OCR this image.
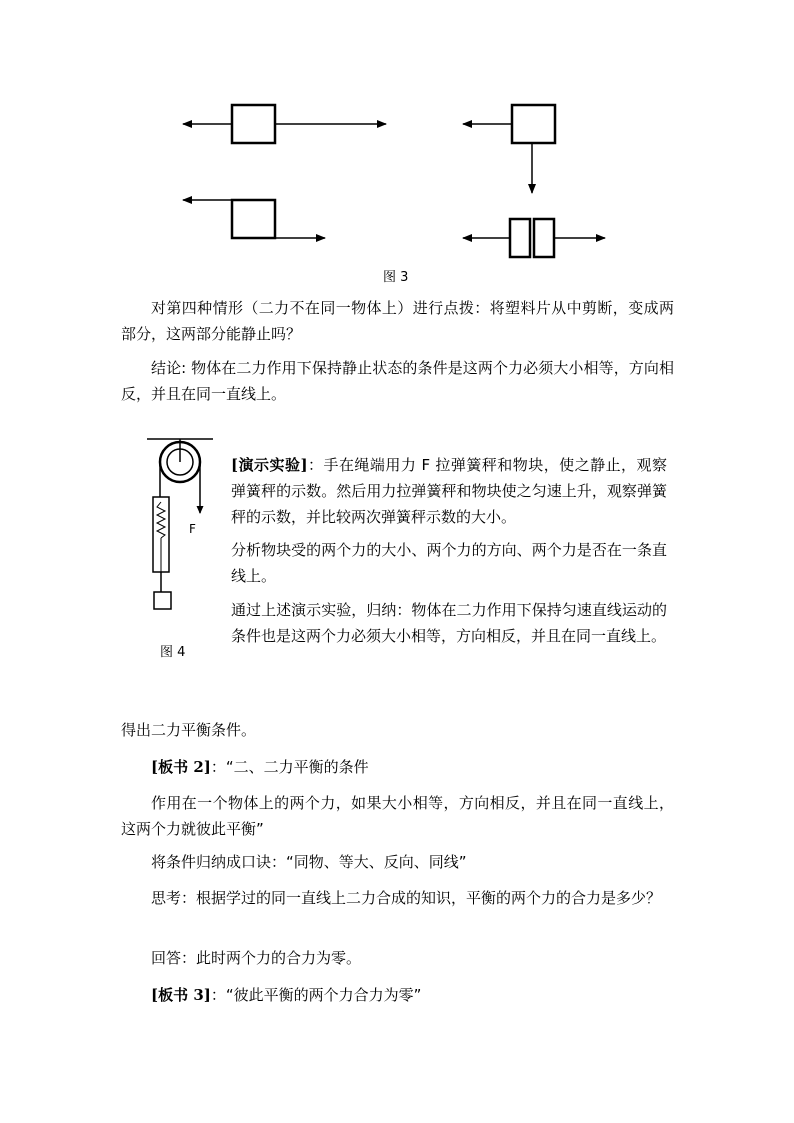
图 3

对第四种情形（二力不在同一物体上）进行点拨：将塑料片从中剪断，变成两部分，这两部分能静止吗？

结论: 物体在二力作用下保持静止状态的条件是这两个力必须大小相等，方向相反，并且在同一直线上。

F
图 4

[演示实验]：手在绳端用力 F 拉弹簧秤和物块，使之静止，观察弹簧秤的示数。然后用力拉弹簧秤和物块使之匀速上升，观察弹簧秤的示数，并比较两次弹簧秤示数的大小。

分析物块受的两个力的大小、两个力的方向、两个力是否在一条直线上。

通过上述演示实验，归纳：物体在二力作用下保持匀速直线运动的条件也是这两个力必须大小相等，方向相反，并且在同一直线上。

得出二力平衡条件。

[板书 2]：“二、二力平衡的条件

作用在一个物体上的两个力，如果大小相等，方向相反，并且在同一直线上，这两个力就彼此平衡”

将条件归纳成口诀：“同物、等大、反向、同线”

思考：根据学过的同一直线上二力合成的知识，平衡的两个力的合力是多少？

回答：此时两个力的合力为零。

[板书 3]：“彼此平衡的两个力合力为零”
